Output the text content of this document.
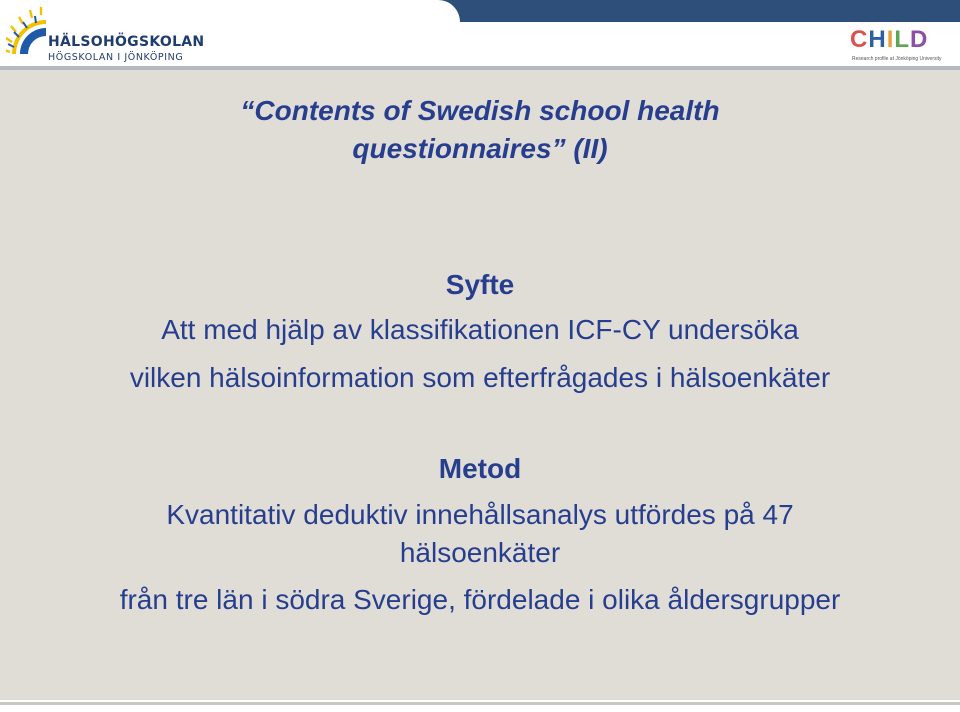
HÄLSOHÖGSKOLAN
HÖGSKOLAN I JÖNKÖPING
CHILD
Research profile at Jönköping University
“Contents of Swedish school health
questionnaires” (II)
Syfte
Att med hjälp av klassifikationen ICF-CY undersöka
vilken hälsoinformation som efterfrågades i hälsoenkäter
Metod
Kvantitativ deduktiv innehållsanalys utfördes på 47
hälsoenkäter
från tre län i södra Sverige, fördelade i olika åldersgrupper
